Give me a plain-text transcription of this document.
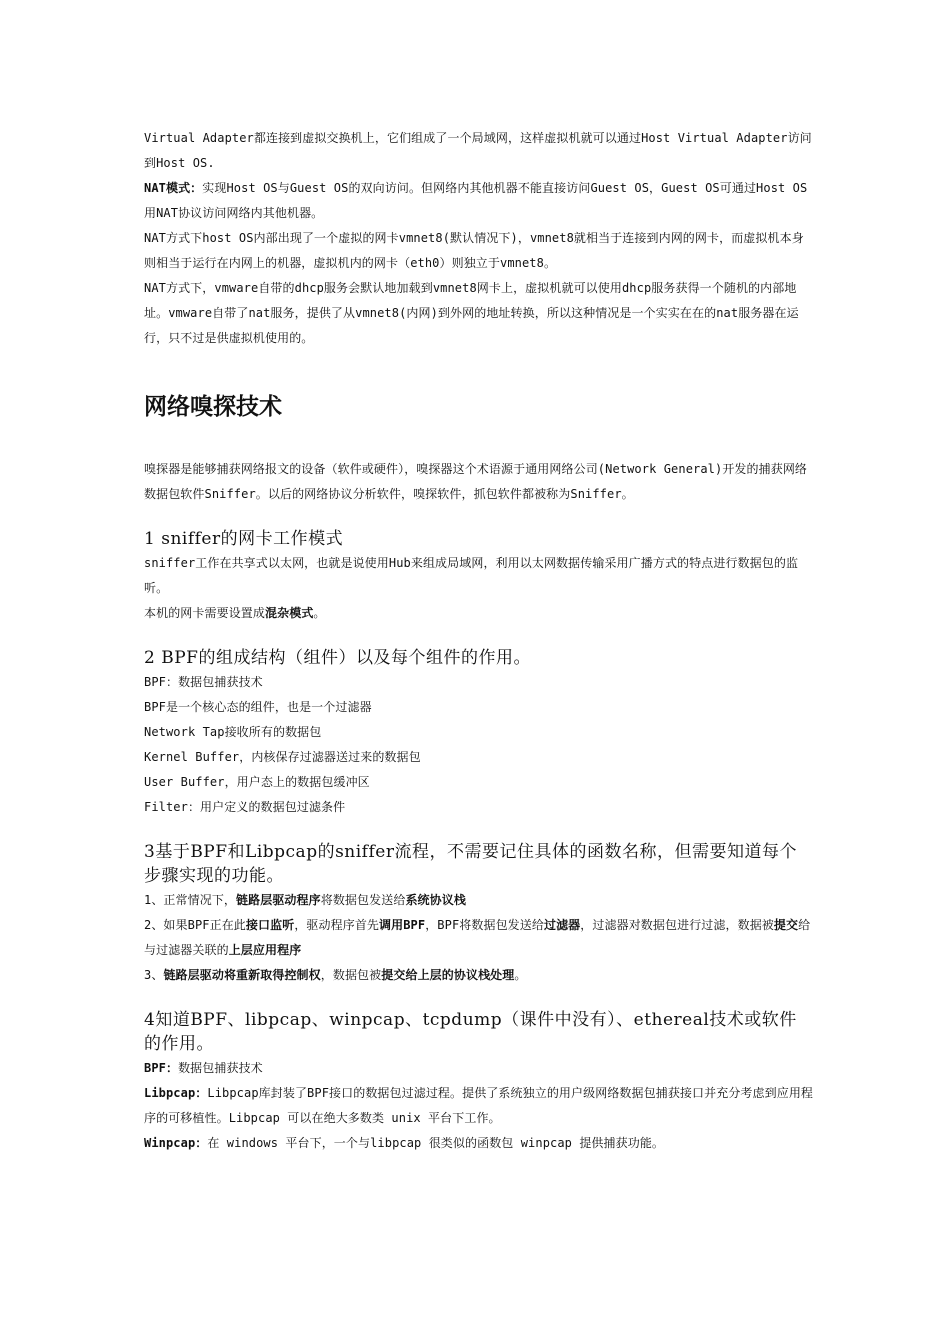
Virtual Adapter都连接到虚拟交换机上，它们组成了一个局域网，这样虚拟机就可以通过Host Virtual Adapter访问到Host OS.

NAT模式：实现Host OS与Guest OS的双向访问。但网络内其他机器不能直接访问Guest OS，Guest OS可通过Host OS用NAT协议访问网络内其他机器。

NAT方式下host OS内部出现了一个虚拟的网卡vmnet8(默认情况下)，vmnet8就相当于连接到内网的网卡，而虚拟机本身则相当于运行在内网上的机器，虚拟机内的网卡（eth0）则独立于vmnet8。

NAT方式下，vmware自带的dhcp服务会默认地加载到vmnet8网卡上，虚拟机就可以使用dhcp服务获得一个随机的内部地址。vmware自带了nat服务，提供了从vmnet8(内网)到外网的地址转换，所以这种情况是一个实实在在的nat服务器在运行，只不过是供虚拟机使用的。

网络嗅探技术

嗅探器是能够捕获网络报文的设备（软件或硬件），嗅探器这个术语源于通用网络公司(Network General)开发的捕获网络数据包软件Sniffer。以后的网络协议分析软件，嗅探软件，抓包软件都被称为Sniffer。

1 sniffer的网卡工作模式

sniffer工作在共享式以太网，也就是说使用Hub来组成局域网，利用以太网数据传输采用广播方式的特点进行数据包的监听。

本机的网卡需要设置成混杂模式。

2 BPF的组成结构（组件）以及每个组件的作用。

BPF：数据包捕获技术

BPF是一个核心态的组件，也是一个过滤器

Network Tap接收所有的数据包

Kernel Buffer，内核保存过滤器送过来的数据包

User Buffer，用户态上的数据包缓冲区

Filter：用户定义的数据包过滤条件

3基于BPF和Libpcap的sniffer流程，不需要记住具体的函数名称，但需要知道每个步骤实现的功能。

1、正常情况下，链路层驱动程序将数据包发送给系统协议栈

2、如果BPF正在此接口监听，驱动程序首先调用BPF，BPF将数据包发送给过滤器，过滤器对数据包进行过滤，数据被提交给与过滤器关联的上层应用程序

3、链路层驱动将重新取得控制权，数据包被提交给上层的协议栈处理。

4知道BPF、libpcap、winpcap、tcpdump（课件中没有）、ethereal技术或软件的作用。

BPF：数据包捕获技术

Libpcap：Libpcap库封装了BPF接口的数据包过滤过程。提供了系统独立的用户级网络数据包捕获接口并充分考虑到应用程序的可移植性。Libpcap 可以在绝大多数类 unix 平台下工作。

Winpcap：在 windows 平台下，一个与libpcap 很类似的函数包 winpcap 提供捕获功能。
